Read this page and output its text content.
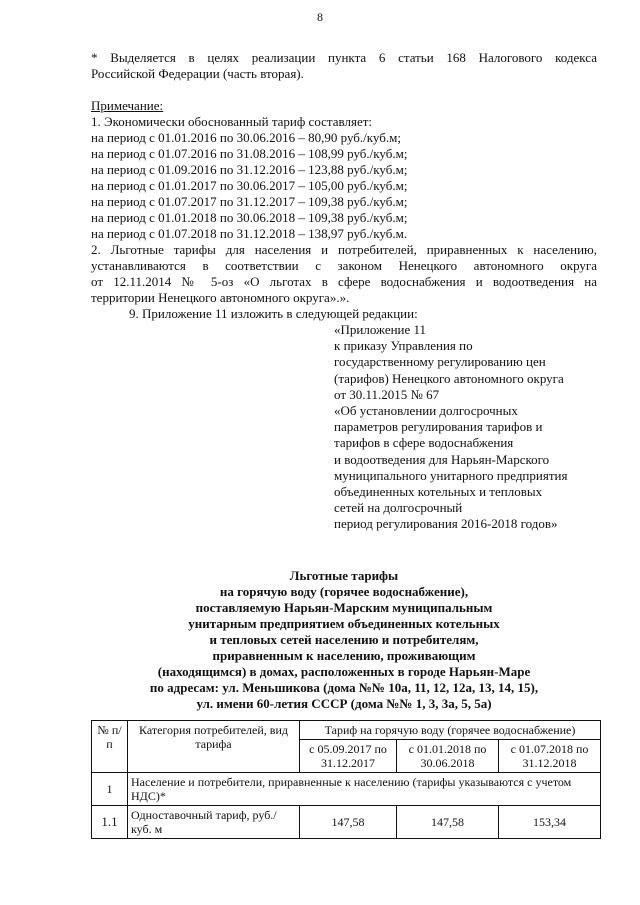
8
* Выделяется в целях реализации пункта 6 статьи 168 Налогового кодекса
Российской Федерации (часть вторая).
Примечание:
1. Экономически обоснованный тариф составляет:
на период с 01.01.2016 по 30.06.2016 – 80,90 руб./куб.м;
на период с 01.07.2016 по 31.08.2016 – 108,99 руб./куб.м;
на период с 01.09.2016 по 31.12.2016 – 123,88 руб./куб.м;
на период с 01.01.2017 по 30.06.2017 – 105,00 руб./куб.м;
на период с 01.07.2017 по 31.12.2017 – 109,38 руб./куб.м;
на период с 01.01.2018 по 30.06.2018 – 109,38 руб./куб.м;
на период с 01.07.2018 по 31.12.2018 – 138,97 руб./куб.м.
2. Льготные тарифы для населения и потребителей, приравненных к населению,
устанавливаются в соответствии с законом Ненецкого автономного округа
от 12.11.2014 № 5-оз «О льготах в сфере водоснабжения и водоотведения на
территории Ненецкого автономного округа».».
9. Приложение 11 изложить в следующей редакции:
«Приложение 11
к приказу Управления по
государственному регулированию цен
(тарифов) Ненецкого автономного округа
от 30.11.2015 № 67
«Об установлении долгосрочных
параметров регулирования тарифов и
тарифов в сфере водоснабжения
и водоотведения для Нарьян-Марского
муниципального унитарного предприятия
объединенных котельных и тепловых
сетей на долгосрочный
период регулирования 2016-2018 годов»
Льготные тарифы
на горячую воду (горячее водоснабжение),
поставляемую Нарьян-Марским муниципальным
унитарным предприятием объединенных котельных
и тепловых сетей населению и потребителям,
приравненным к населению, проживающим
(находящимся) в домах, расположенных в городе Нарьян-Маре
по адресам: ул. Меньшикова (дома №№ 10а, 11, 12, 12а, 13, 14, 15),
ул. имени 60-летия СССР (дома №№ 1, 3, 3а, 5, 5а)
№ п/п	Категория потребителей, вид тарифа	Тариф на горячую воду (горячее водоснабжение)		
		с 05.09.2017 по 31.12.2017	с 01.01.2018 по 30.06.2018	с 01.07.2018 по 31.12.2018
1	Население и потребители, приравненные к населению (тарифы указываются с учетом НДС)*			
1.1	Одноставочный тариф, руб./куб. м	147,58	147,58	153,34
